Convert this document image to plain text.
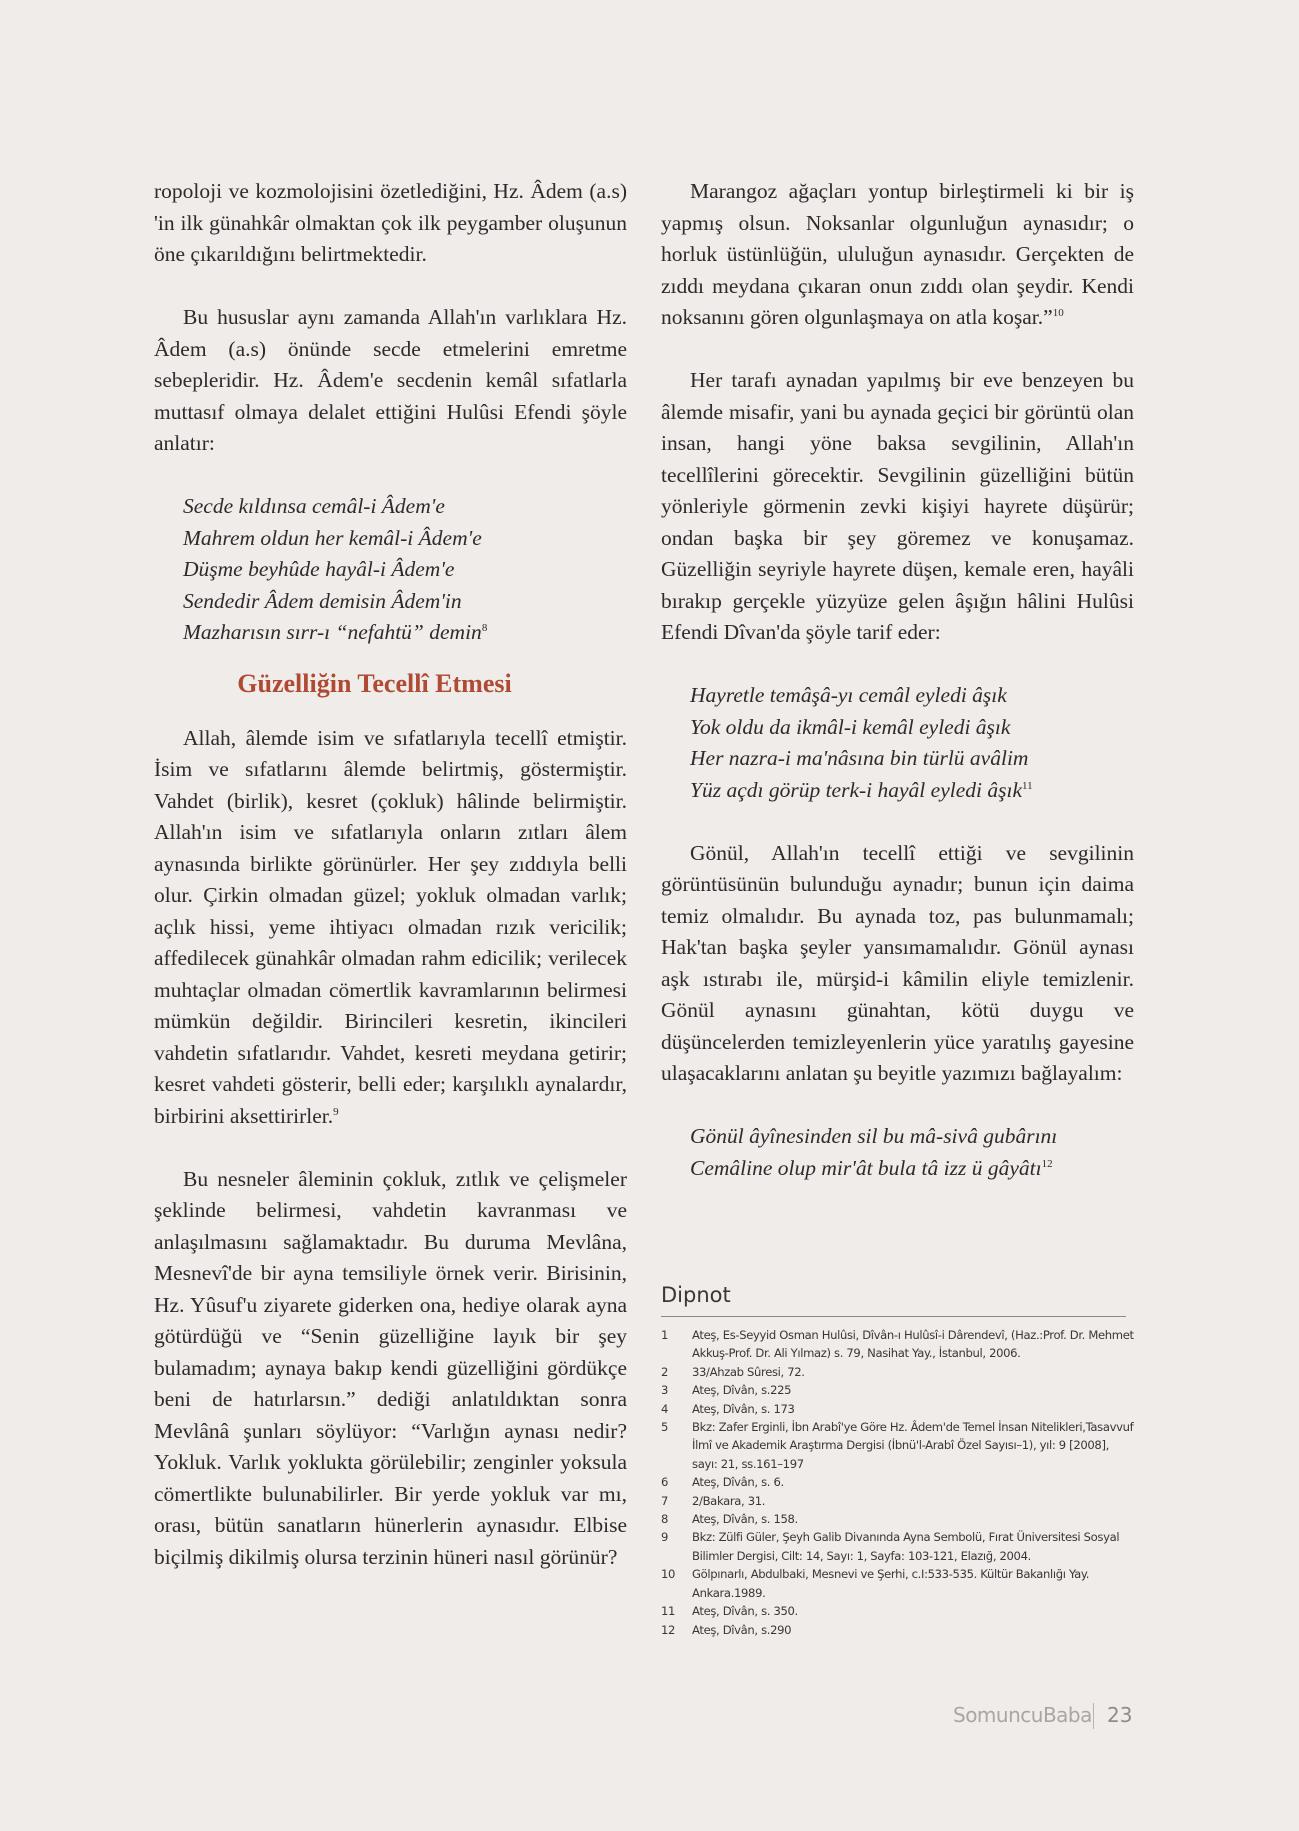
ropoloji ve kozmolojisini özetlediğini, Hz. Âdem (a.s) 'in ilk günahkâr olmaktan çok ilk peygamber oluşunun öne çıkarıldığını belirtmektedir.

Bu hususlar aynı zamanda Allah'ın varlıklara Hz. Âdem (a.s) önünde secde etmelerini emretme sebepleridir. Hz. Âdem'e secdenin kemâl sıfatlarla muttasıf olmaya delalet ettiğini Hulûsi Efendi şöyle anlatır:

Secde kıldınsa cemâl-i Âdem'e
Mahrem oldun her kemâl-i Âdem'e
Düşme beyhûde hayâl-i Âdem'e
Sendedir Âdem demisin Âdem'in
Mazharısın sırr-ı “nefahtü” demin$^8$
Güzelliğin Tecellî Etmesi

Allah, âlemde isim ve sıfatlarıyla tecellî etmiştir. İsim ve sıfatlarını âlemde belirtmiş, göstermiştir. Vahdet (birlik), kesret (çokluk) hâlinde belirmiştir. Allah'ın isim ve sıfatlarıyla onların zıtları âlem aynasında birlikte görünürler. Her şey zıddıyla belli olur. Çirkin olmadan güzel; yokluk olmadan varlık; açlık hissi, yeme ihtiyacı olmadan rızık vericilik; affedilecek günahkâr olmadan rahm edicilik; verilecek muhtaçlar olmadan cömertlik kavramlarının belirmesi mümkün değildir. Birincileri kesretin, ikincileri vahdetin sıfatlarıdır. Vahdet, kesreti meydana getirir; kesret vahdeti gösterir, belli eder; karşılıklı aynalardır, birbirini aksettirirler.$^9$

Bu nesneler âleminin çokluk, zıtlık ve çelişmeler şeklinde belirmesi, vahdetin kavranması ve anlaşılmasını sağlamaktadır. Bu duruma Mevlâna, Mesnevî'de bir ayna temsiliyle örnek verir. Birisinin, Hz. Yûsuf'u ziyarete giderken ona, hediye olarak ayna götürdüğü ve “Senin güzelliğine layık bir şey bulamadım; aynaya bakıp kendi güzelliğini gördükçe beni de hatırlarsın.” dediği anlatıldıktan sonra Mevlânâ şunları söylüyor: “Varlığın aynası nedir? Yokluk. Varlık yoklukta görülebilir; zenginler yoksula cömertlikte bulunabilirler. Bir yerde yokluk var mı, orası, bütün sanatların hünerlerin aynasıdır. Elbise biçilmiş dikilmiş olursa terzinin hüneri nasıl görünür?

Marangoz ağaçları yontup birleştirmeli ki bir iş yapmış olsun. Noksanlar olgunluğun aynasıdır; o horluk üstünlüğün, ululuğun aynasıdır. Gerçekten de zıddı meydana çıkaran onun zıddı olan şeydir. Kendi noksanını gören olgunlaşmaya on atla koşar.”$^{10}$

Her tarafı aynadan yapılmış bir eve benzeyen bu âlemde misafir, yani bu aynada geçici bir görüntü olan insan, hangi yöne baksa sevgilinin, Allah'ın tecellîlerini görecektir. Sevgilinin güzelliğini bütün yönleriyle görmenin zevki kişiyi hayrete düşürür; ondan başka bir şey göremez ve konuşamaz. Güzelliğin seyriyle hayrete düşen, kemale eren, hayâli bırakıp gerçekle yüzyüze gelen âşığın hâlini Hulûsi Efendi Dîvan'da şöyle tarif eder:

Hayretle temâşâ-yı cemâl eyledi âşık
Yok oldu da ikmâl-i kemâl eyledi âşık
Her nazra-i ma'nâsına bin türlü avâlim
Yüz açdı görüp terk-i hayâl eyledi âşık$^{11}$

Gönül, Allah'ın tecellî ettiği ve sevgilinin görüntüsünün bulunduğu aynadır; bunun için daima temiz olmalıdır. Bu aynada toz, pas bulunmamalı; Hak'tan başka şeyler yansımamalıdır. Gönül aynası aşk ıstırabı ile, mürşid-i kâmilin eliyle temizlenir. Gönül aynasını günahtan, kötü duygu ve düşüncelerden temizleyenlerin yüce yaratılış gayesine ulaşacaklarını anlatan şu beyitle yazımızı bağlayalım:

Gönül âyînesinden sil bu mâ-sivâ gubârını
Cemâline olup mir'ât bula tâ izz ü gâyâtı$^{12}$
Dipnot
1	Ateş, Es-Seyyid Osman Hulûsi, Dîvân-ı Hulûsî-i Dârendevî, (Haz.:Prof. Dr. Mehmet Akkuş-Prof. Dr. Ali Yılmaz) s. 79, Nasihat Yay., İstanbul, 2006.
2	33/Ahzab Sûresi, 72.
3	Ateş, Dîvân, s.225
4	Ateş, Dîvân, s. 173
5	Bkz: Zafer Erginli, İbn Arabî'ye Göre Hz. Âdem'de Temel İnsan Nitelikleri,Tasavvuf İlmî ve Akademik Araştırma Dergisi (İbnü'l-Arabî Özel Sayısı–1), yıl: 9 [2008], sayı: 21, ss.161–197
6	Ateş, Dîvân, s. 6.
7	2/Bakara, 31.
8	Ateş, Dîvân, s. 158.
9	Bkz: Zülfi Güler, Şeyh Galib Divanında Ayna Sembolü, Fırat Üniversitesi Sosyal Bilimler Dergisi, Cilt: 14, Sayı: 1, Sayfa: 103-121, Elazığ, 2004.
10	Gölpınarlı, Abdulbaki, Mesnevi ve Şerhi, c.I:533-535. Kültür Bakanlığı Yay. Ankara.1989.
11	Ateş, Dîvân, s. 350.
12	Ateş, Dîvân, s.290
SomuncuBaba 23
